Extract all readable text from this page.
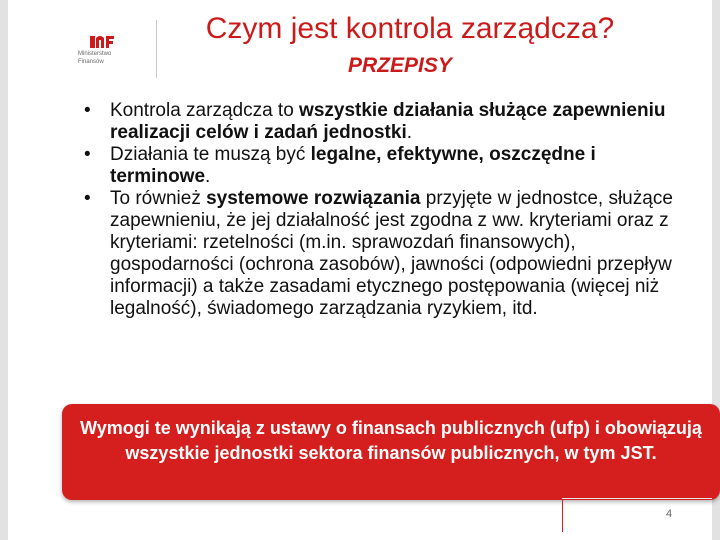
Ministerstwo
Finansów
Czym jest kontrola zarządcza?
PRZEPISY
• Kontrola zarządcza to wszystkie działania służące zapewnieniu realizacji celów i zadań jednostki.
• Działania te muszą być legalne, efektywne, oszczędne i terminowe.
• To również systemowe rozwiązania przyjęte w jednostce, służące zapewnieniu, że jej działalność jest zgodna z ww. kryteriami oraz z kryteriami: rzetelności (m.in. sprawozdań finansowych), gospodarności (ochrona zasobów), jawności (odpowiedni przepływ informacji) a także zasadami etycznego postępowania (więcej niż legalność), świadomego zarządzania ryzykiem, itd.
Wymogi te wynikają z ustawy o finansach publicznych (ufp) i obowiązują wszystkie jednostki sektora finansów publicznych, w tym JST.
4
